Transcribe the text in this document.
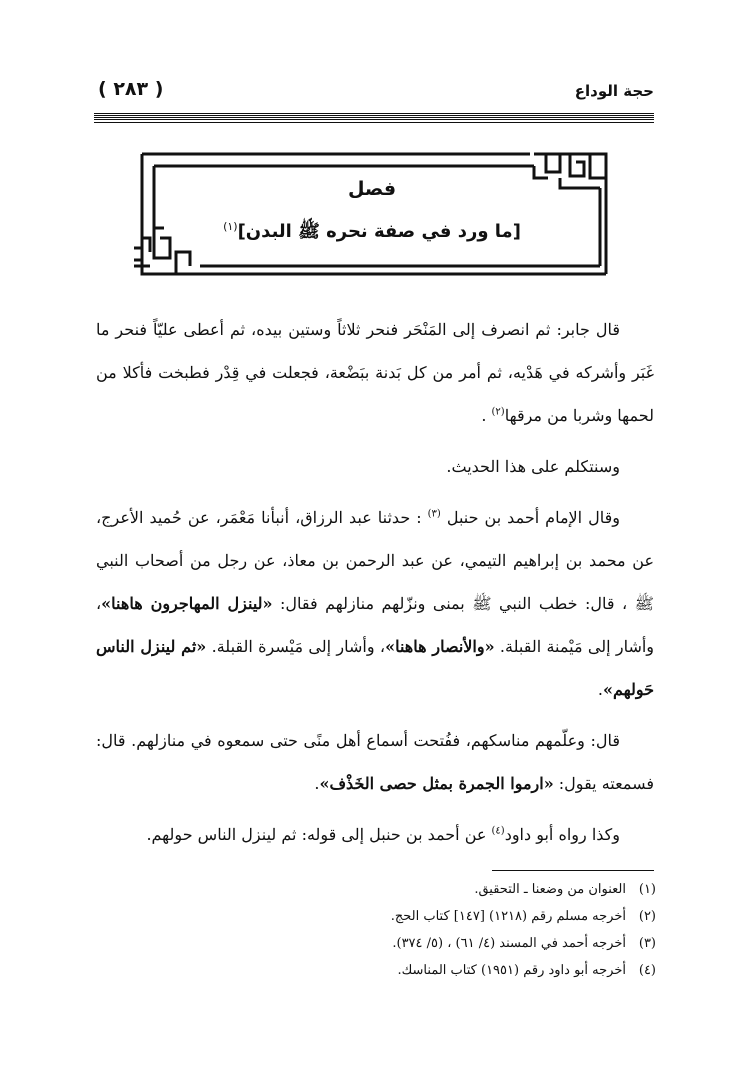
حجة الوداع
( ٢٨٣ )
فصل
[ما ورد في صفة نحره ﷺ البدن]$^{(١)}$

قال جابر: ثم انصرف إلى المَنْحَر فنحر ثلاثاً وستين بيده، ثم أعطى عليّاً فنحر ما غَبَر وأشركه في هَدْيه، ثم أمر من كل بَدنة ببَضْعة، فجعلت في قِدْر فطبخت فأكلا من لحمها وشربا من مرقها$^{(٢)}$ .

وسنتكلم على هذا الحديث.

وقال الإمام أحمد بن حنبل $^{(٣)}$ : حدثنا عبد الرزاق، أنبأنا مَعْمَر، عن حُميد الأعرج، عن محمد بن إبراهيم التيمي، عن عبد الرحمن بن معاذ، عن رجل من أصحاب النبي ﷺ ، قال: خطب النبي ﷺ بمنى ونزّلهم منازلهم فقال: «لينزل المهاجرون هاهنا»، وأشار إلى مَيْمنة القبلة. «والأنصار هاهنا»، وأشار إلى مَيْسرة القبلة. «ثم لينزل الناس حَولهم».

قال: وعلّمهم مناسكهم، ففُتحت أسماع أهل منًى حتى سمعوه في منازلهم. قال: فسمعته يقول: «ارموا الجمرة بمثل حصى الخَذْف».

وكذا رواه أبو داود$^{(٤)}$ عن أحمد بن حنبل إلى قوله: ثم لينزل الناس حولهم.

(١)العنوان من وضعنا ـ التحقيق.
(٢)أخرجه مسلم رقم (١٢١٨) [١٤٧] كتاب الحج.
(٣)أخرجه أحمد في المسند (٤/ ٦١) ، (٥/ ٣٧٤).
(٤)أخرجه أبو داود رقم (١٩٥١) كتاب المناسك.
